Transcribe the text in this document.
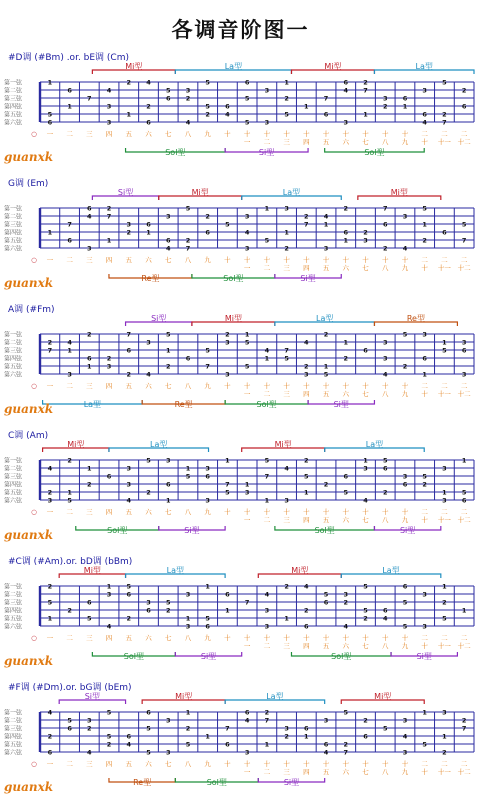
各调音阶图一
#D调 (#Bm) .or. bE调 (Cm)
Mi型	La型	Mi型	La型
第一弦
第二弦
第三弦
第四弦
第五弦
第六弦
1
5
6
6
1
7
4
3
3
2
1
4
2
6
5
6
3
2
4
5
5
2
6
4
6
5
5
3
3
1
2
5
1
7
6
6
4
3
2
7
1
3
2
6
1
3
6
4
5
2
7
2
6
○ 一 二 三 四 五 六 七 八 九 十 十
一
十
二
十
三
十
四
十
五
十
六
十
七
十
八
十
九
二
十
二
十一
二
十二
Sol型	Si型	Sol型
guanxk
G调 (Em)
Si型	Mi型	La型	Mi型
第一弦
第二弦
第三弦
第四弦
第五弦
第六弦
1
7
6
6
4
3
2
7
1
3
2
6
1
3
6
4
5
2
7
2
6
5
3
4
3
1
5
3
1
2
2
7
4
1
3
2
6
1
2
3
7
6
2
3
4
5
1
2
6
5
7
○ 一 二 三 四 五 六 七 八 九 十 十
一
十
二
十
三
十
四
十
五
十
六
十
七
十
八
十
九
二
十
二
十一
二
十二
Re型	Sol型	Si型
guanxk
A调 (#Fm)
Si型	Mi型	La型	Re型
第一弦
第二弦
第三弦
第四弦
第五弦
第六弦
2
7
4
1
3
2
6
1
2
3
7
6
2
3
4
5
1
2
6
5
7
2
3
3
1
5
5
4
1
7
5
4
2
3
2
1
5
1
2
6
3
3
4
5
2
3
6
1
1
5
3
6
3
○ 一 二 三 四 五 六 七 八 九 十 十
一
十
二
十
三
十
四
十
五
十
六
十
七
十
八
十
九
二
十
二
十一
二
十二
La型	Re型	Sol型	Si型
guanxk
C调 (Am)
Mi型	La型	Mi型	La型
第一弦
第二弦
第三弦
第四弦
第五弦
第六弦
4
2
3
2
1
5
1
2
6
3
3
4
5
2
3
6
1
1
5
3
6
3
1
7
5
1
3
5
7
1
4
3
2
5
1
2
6
5
1
3
4
5
6
2
3
6
5
2
3
1
3
1
5
6
○ 一 二 三 四 五 六 七 八 九 十 十
一
十
二
十
三
十
四
十
五
十
六
十
七
十
八
十
九
二
十
二
十一
二
十二
Sol型	Si型	Sol型	Si型
guanxk
#C调 (#Am).or. bD调 (bBm)
Mi型	La型	Mi型	La型
第一弦
第二弦
第三弦
第四弦
第五弦
第六弦
2
5
1
2
6
5
1
3
4
5
6
2
3
6
5
2
3
1
3
1
5
6
6
1
7
4
3
3
2
1
4
2
6
5
6
3
2
4
5
5
2
6
4
6
5
5
3
3
1
2
5
1
○ 一 二 三 四 五 六 七 八 九 十 十
一
十
二
十
三
十
四
十
五
十
六
十
七
十
八
十
九
二
十
二
十一
二
十二
Sol型	Si型	Sol型	Si型
guanxk
#F调 (#Dm).or. bG调 (bEm)
Si型	Mi型	La型	Mi型
第一弦
第二弦
第三弦
第四弦
第五弦
第六弦
4
2
6
5
6
3
2
4
5
5
2
6
4
6
5
5
3
3
1
2
5
1
7
6
6
4
3
2
7
1
3
2
6
1
3
6
4
5
2
7
2
6
5
3
4
3
1
5
3
1
2
2
7
○ 一 二 三 四 五 六 七 八 九 十 十
一
十
二
十
三
十
四
十
五
十
六
十
七
十
八
十
九
二
十
二
十一
二
十二
Re型	Sol型	Si型
guanxk
